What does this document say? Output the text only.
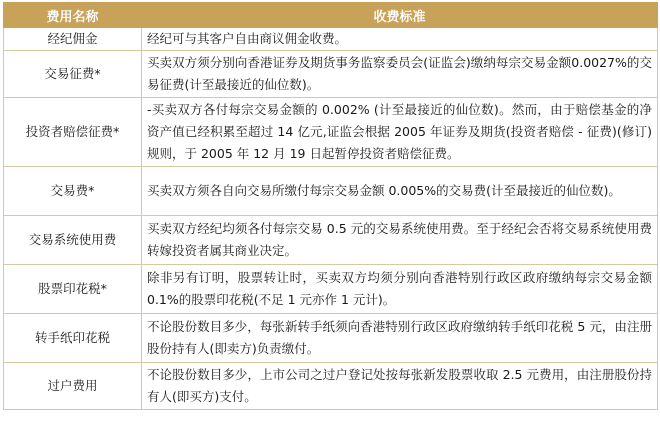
费用名称	收费标准
经纪佣金	经纪可与其客户自由商议佣金收费。
交易征费*	买卖双方须分别向香港证券及期货事务监察委员会(证监会)缴纳每宗交易金额0.0027%的交易征费(计至最接近的仙位数)。
投资者赔偿征费*	-买卖双方各付每宗交易金额的 0.002% (计至最接近的仙位数)。然而，由于赔偿基金的净资产值已经积累至超过 14 亿元,证监会根据 2005 年证券及期货(投资者赔偿 - 征费)(修订)规则，于 2005 年 12 月 19 日起暂停投资者赔偿征费。
交易费*	买卖双方须各自向交易所缴付每宗交易金额 0.005%的交易费(计至最接近的仙位数)。
交易系统使用费	买卖双方经纪均须各付每宗交易 0.5 元的交易系统使用费。至于经纪会否将交易系统使用费转嫁投资者属其商业决定。
股票印花税*	除非另有订明，股票转让时，买卖双方均须分别向香港特别行政区政府缴纳每宗交易金额 0.1%的股票印花税(不足 1 元亦作 1 元计)。
转手纸印花税	不论股份数目多少，每张新转手纸须向香港特别行政区政府缴纳转手纸印花税 5 元，由注册股份持有人(即卖方)负责缴付。
过户费用	不论股份数目多少，上市公司之过户登记处按每张新发股票收取 2.5 元费用，由注册股份持有人(即买方)支付。
